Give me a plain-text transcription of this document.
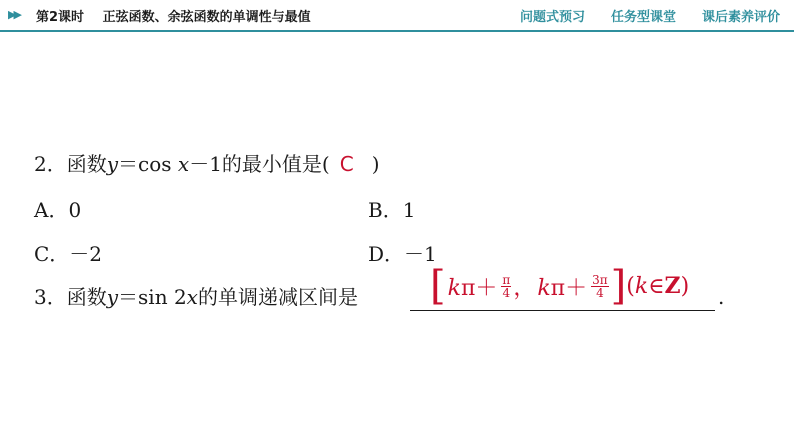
▶▶ 第2课时 正弦函数、余弦函数的单调性与最值	问题式预习 任务型课堂 课后素养评价
2．函数y＝cos x－1的最小值是( C )
A．0	B．1
C．－2	D．－1
3．函数y＝sin 2x的单调递减区间是 [ $k\pi+ \frac{\pi}{4}$ ， $k\pi+ \frac{3\pi}{4}$ ] ( k ∈ Z ) .
